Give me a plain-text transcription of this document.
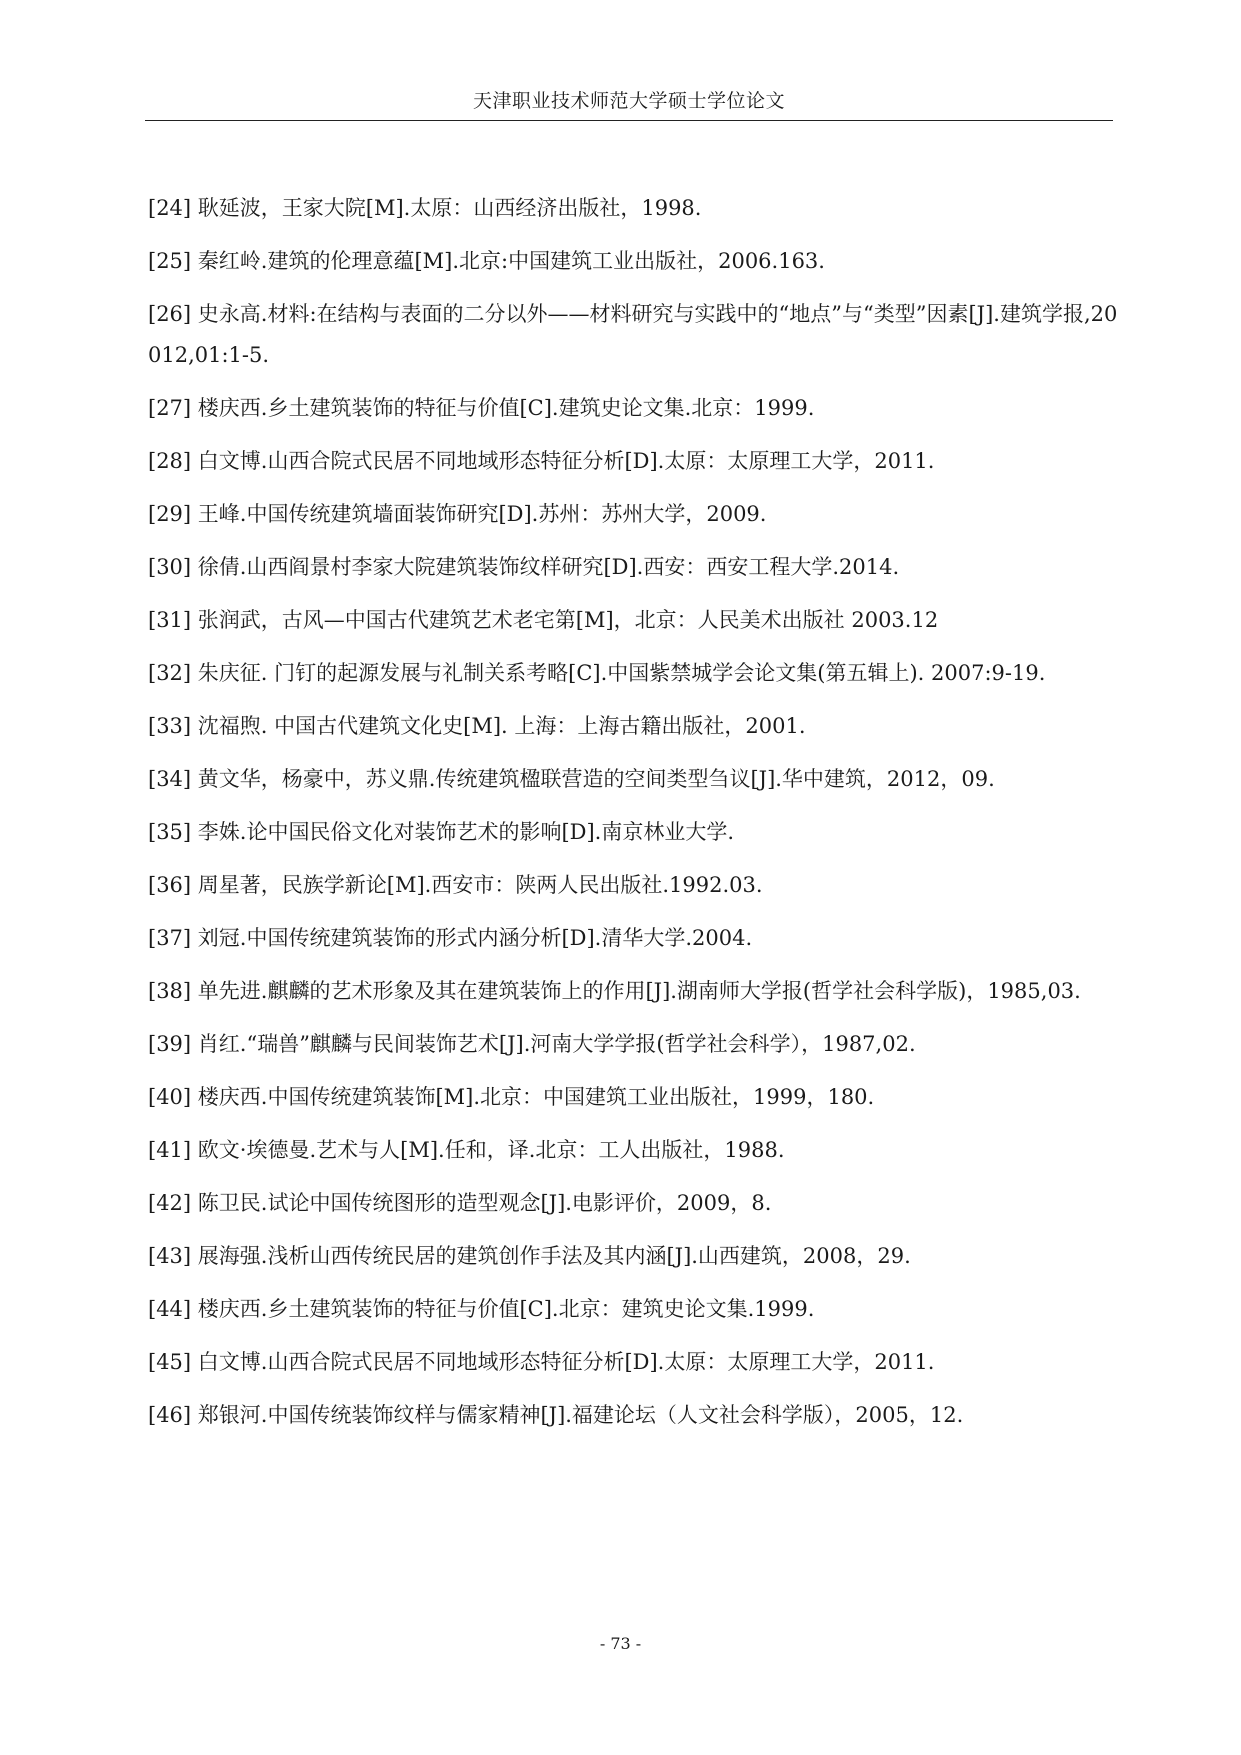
天津职业技术师范大学硕士学位论文
[24] 耿延波，王家大院[M].太原：山西经济出版社，1998.
[25] 秦红岭.建筑的伦理意蕴[M].北京:中国建筑工业出版社，2006.163.
[26] 史永高.材料:在结构与表面的二分以外——材料研究与实践中的“地点”与“类型”因素[J].建筑学报,20012,01:1-5.
[27] 楼庆西.乡土建筑装饰的特征与价值[C].建筑史论文集.北京：1999.
[28] 白文博.山西合院式民居不同地域形态特征分析[D].太原：太原理工大学，2011.
[29] 王峰.中国传统建筑墙面装饰研究[D].苏州：苏州大学，2009.
[30] 徐倩.山西阎景村李家大院建筑装饰纹样研究[D].西安：西安工程大学.2014.
[31] 张润武，古风—中国古代建筑艺术老宅第[M]，北京：人民美术出版社 2003.12
[32] 朱庆征. 门钉的起源发展与礼制关系考略[C].中国紫禁城学会论文集(第五辑上). 2007:9-19.
[33] 沈福煦. 中国古代建筑文化史[M]. 上海：上海古籍出版社，2001.
[34] 黄文华，杨豪中，苏义鼎.传统建筑楹联营造的空间类型刍议[J].华中建筑，2012，09.
[35] 李姝.论中国民俗文化对装饰艺术的影响[D].南京林业大学.
[36] 周星著，民族学新论[M].西安市：陕两人民出版社.1992.03.
[37] 刘冠.中国传统建筑装饰的形式内涵分析[D].清华大学.2004.
[38] 单先进.麒麟的艺术形象及其在建筑装饰上的作用[J].湖南师大学报(哲学社会科学版)，1985,03.
[39] 肖红.“瑞兽”麒麟与民间装饰艺术[J].河南大学学报(哲学社会科学），1987,02.
[40] 楼庆西.中国传统建筑装饰[M].北京：中国建筑工业出版社，1999，180.
[41] 欧文·埃德曼.艺术与人[M].任和，译.北京：工人出版社，1988.
[42] 陈卫民.试论中国传统图形的造型观念[J].电影评价，2009，8.
[43] 展海强.浅析山西传统民居的建筑创作手法及其内涵[J].山西建筑，2008，29.
[44] 楼庆西.乡土建筑装饰的特征与价值[C].北京：建筑史论文集.1999.
[45] 白文博.山西合院式民居不同地域形态特征分析[D].太原：太原理工大学，2011.
[46] 郑银河.中国传统装饰纹样与儒家精神[J].福建论坛（人文社会科学版），2005，12.
- 73 -
